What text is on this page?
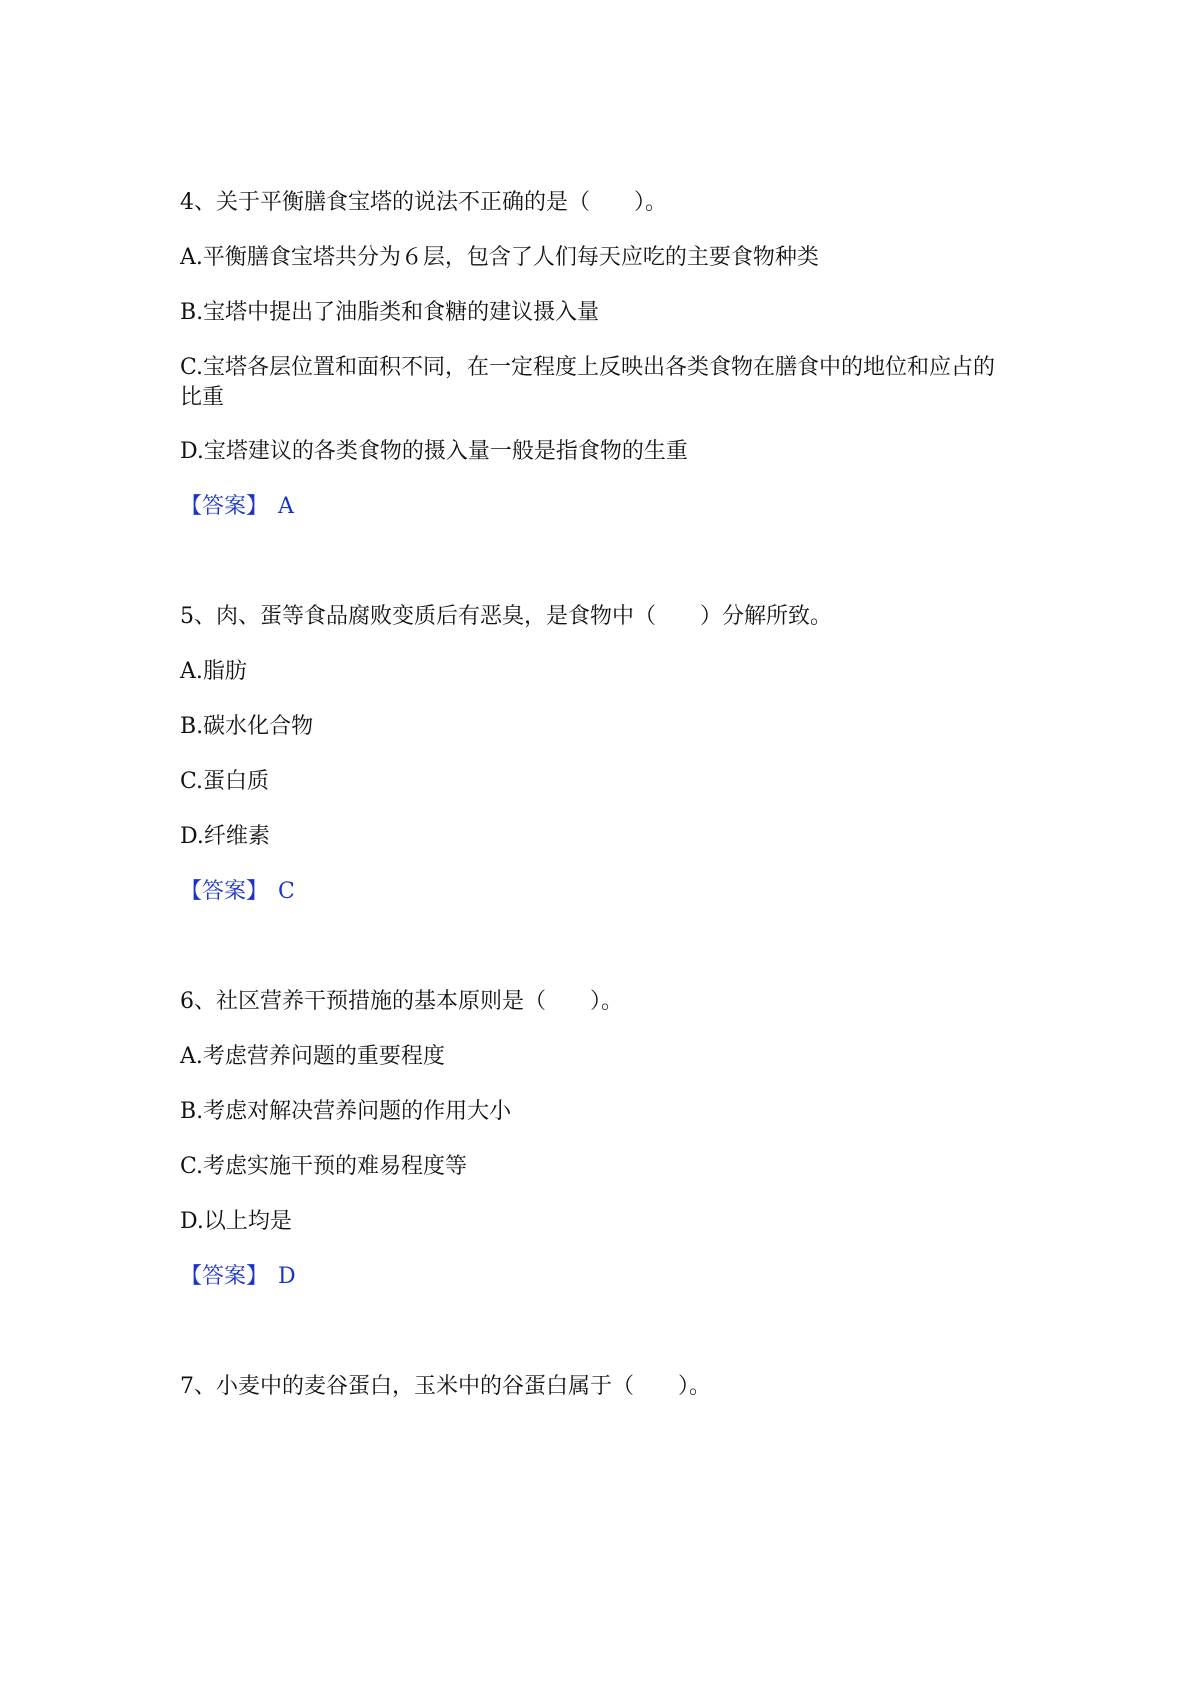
4、关于平衡膳食宝塔的说法不正确的是（　　）。
A.平衡膳食宝塔共分为６层，包含了人们每天应吃的主要食物种类
B.宝塔中提出了油脂类和食糖的建议摄入量
C.宝塔各层位置和面积不同，在一定程度上反映出各类食物在膳食中的地位和应占的比重
D.宝塔建议的各类食物的摄入量一般是指食物的生重
【答案】 A
5、肉、蛋等食品腐败变质后有恶臭，是食物中（　　）分解所致。
A.脂肪
B.碳水化合物
C.蛋白质
D.纤维素
【答案】 C
6、社区营养干预措施的基本原则是（　　）。
A.考虑营养问题的重要程度
B.考虑对解决营养问题的作用大小
C.考虑实施干预的难易程度等
D.以上均是
【答案】 D
7、小麦中的麦谷蛋白，玉米中的谷蛋白属于（　　）。
